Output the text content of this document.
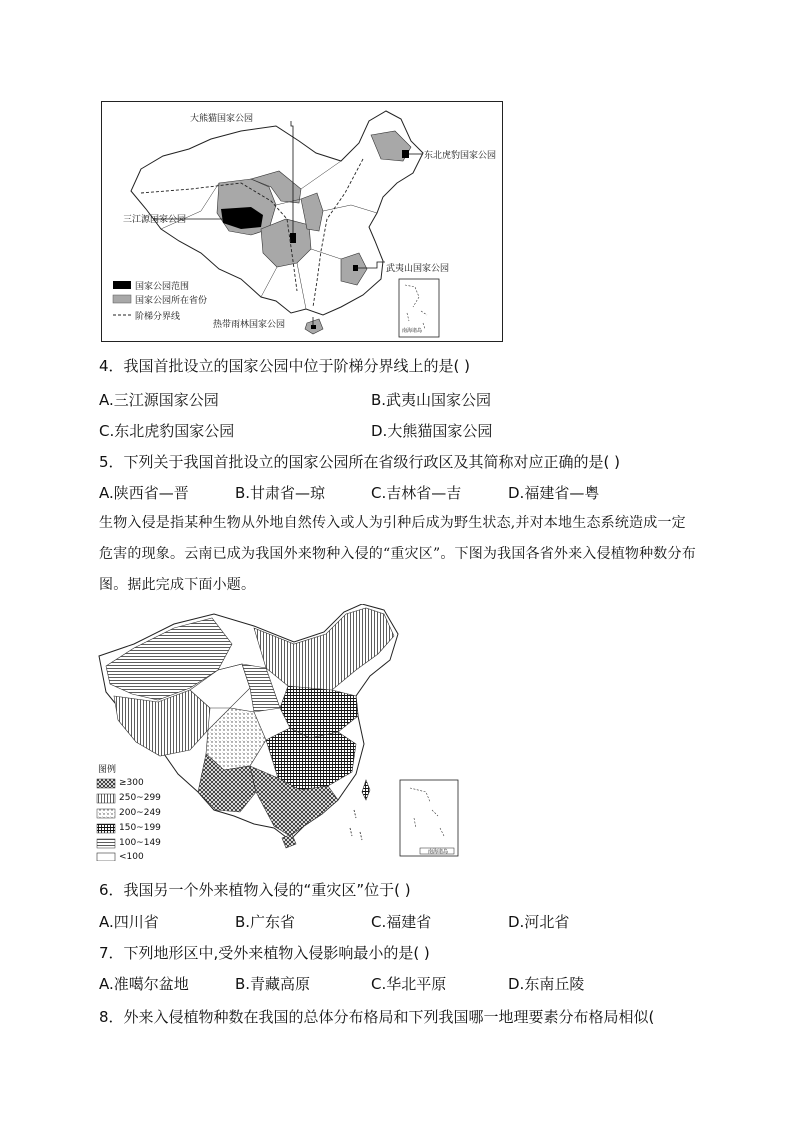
大熊猫国家公园
东北虎豹国家公园
三江源国家公园
武夷山国家公园
热带雨林国家公园
国家公园范围
国家公园所在省份
阶梯分界线
南海诸岛
4．我国首批设立的国家公园中位于阶梯分界线上的是( )
A.三江源国家公园	B.武夷山国家公园
C.东北虎豹国家公园	D.大熊猫国家公园
5．下列关于我国首批设立的国家公园所在省级行政区及其简称对应正确的是( )
A.陕西省—晋	B.甘肃省—琼	C.吉林省—吉	D.福建省—粤
生物入侵是指某种生物从外地自然传入或人为引种后成为野生状态,并对本地生态系统造成一定危害的现象。云南已成为我国外来物种入侵的“重灾区”。下图为我国各省外来入侵植物种数分布图。据此完成下面小题。
图例
≥300
250~299
200~249
150~199
100~149
<100	南海诸岛
6．我国另一个外来植物入侵的“重灾区”位于( )
A.四川省	B.广东省	C.福建省	D.河北省
7．下列地形区中,受外来植物入侵影响最小的是( )
A.准噶尔盆地	B.青藏高原	C.华北平原	D.东南丘陵
8．外来入侵植物种数在我国的总体分布格局和下列我国哪一地理要素分布格局相似(
